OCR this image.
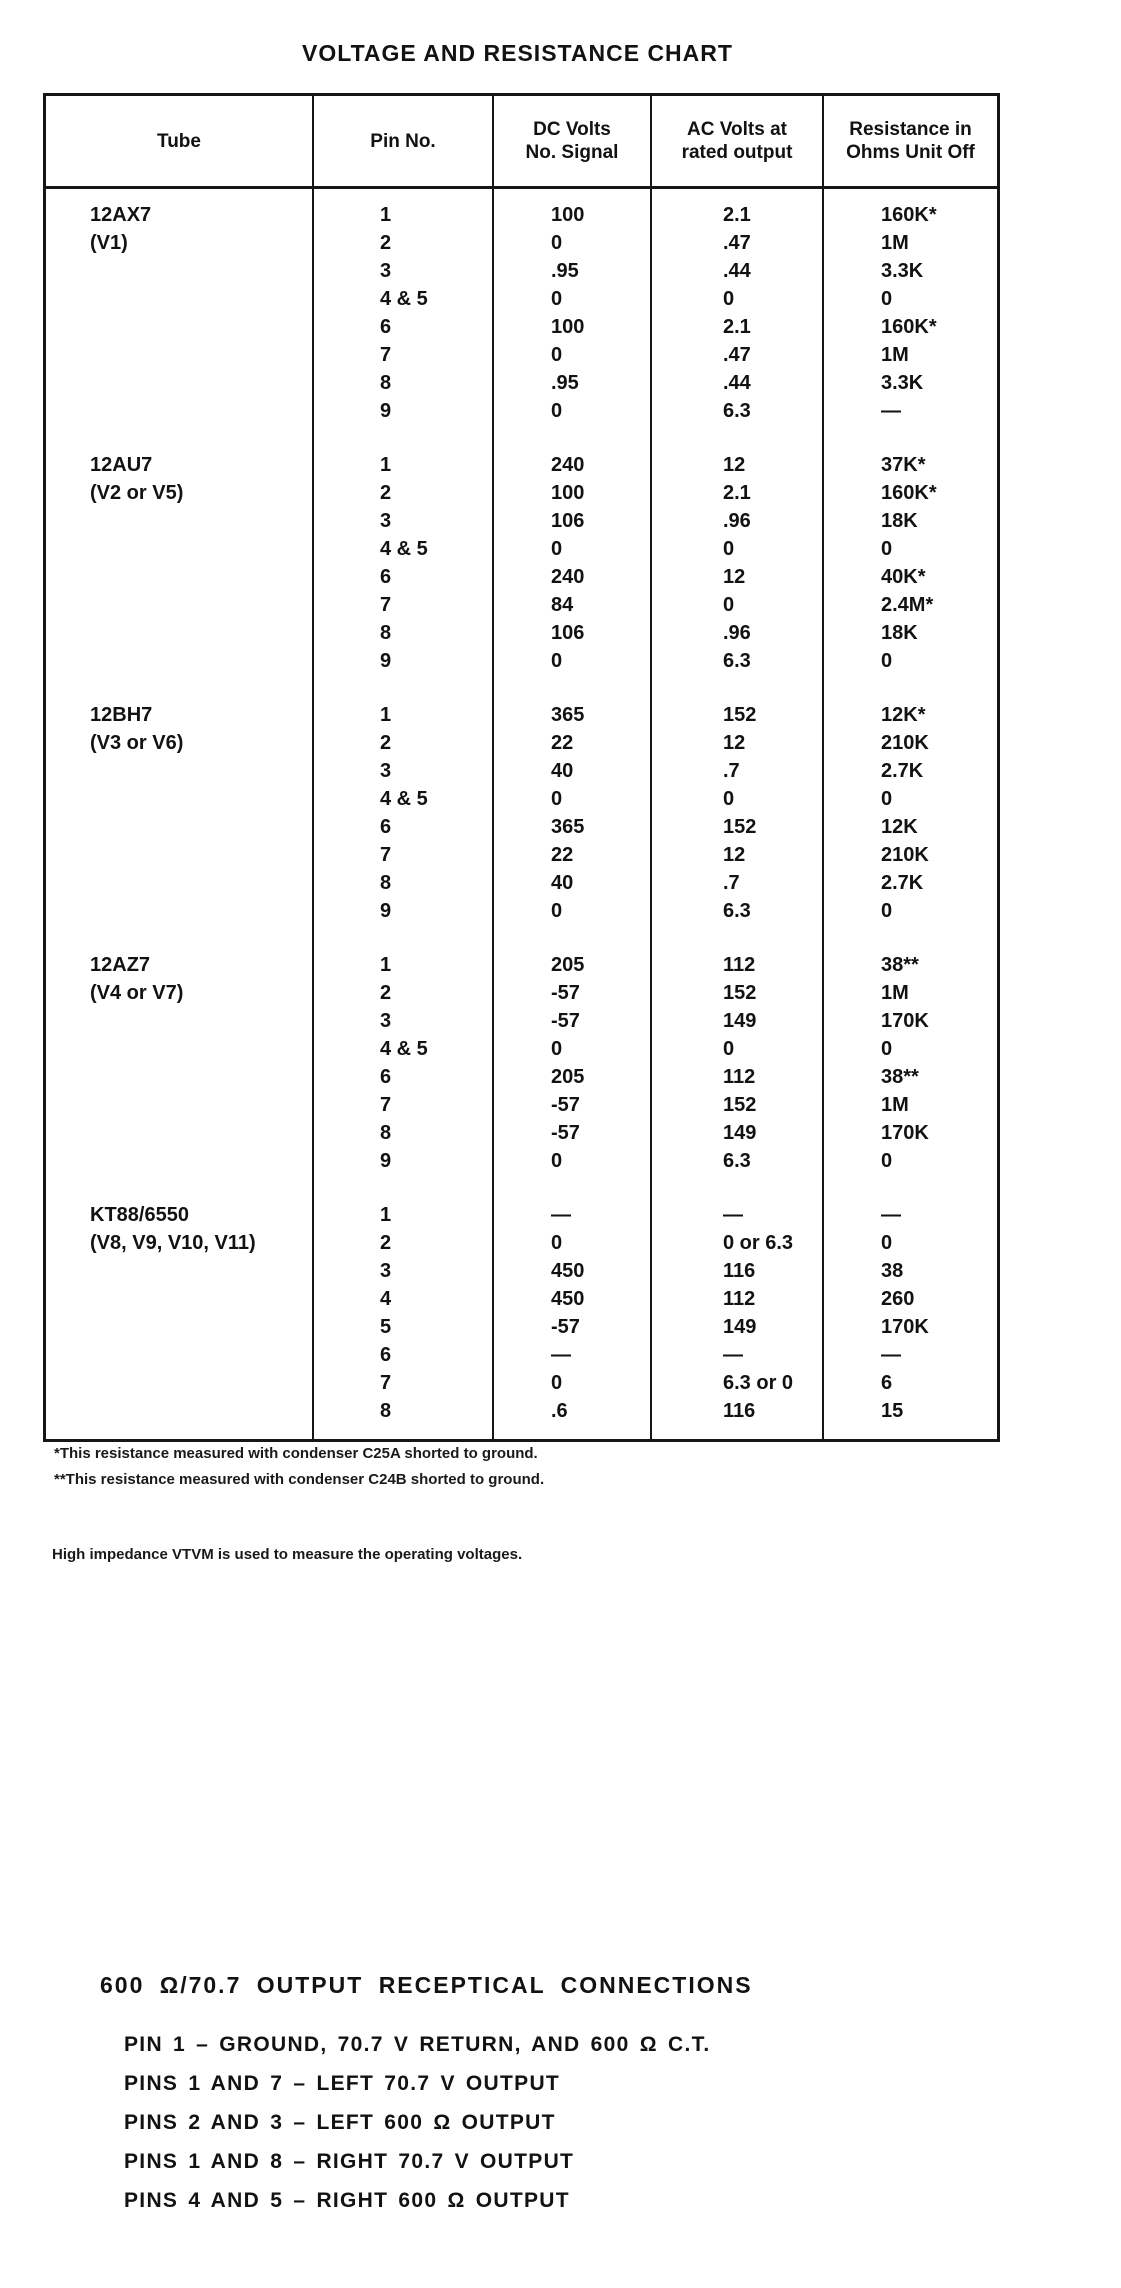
VOLTAGE AND RESISTANCE CHART
Tube	Pin No.
DC Volts
No. Signal
AC Volts at
rated output
Resistance in
Ohms Unit Off
12AX7
(V1)
1
2
3
4 & 5
6
7
8
9
100
0
.95
0
100
0
.95
0
2.1
.47
.44
0
2.1
.47
.44
6.3
160K*
1M
3.3K
0
160K*
1M
3.3K
—
12AU7
(V2 or V5)
1
2
3
4 & 5
6
7
8
9
240
100
106
0
240
84
106
0
12
2.1
.96
0
12
0
.96
6.3
37K*
160K*
18K
0
40K*
2.4M*
18K
0
12BH7
(V3 or V6)
1
2
3
4 & 5
6
7
8
9
365
22
40
0
365
22
40
0
152
12
.7
0
152
12
.7
6.3
12K*
210K
2.7K
0
12K
210K
2.7K
0
12AZ7
(V4 or V7)
1
2
3
4 & 5
6
7
8
9
205
-57
-57
0
205
-57
-57
0
112
152
149
0
112
152
149
6.3
38**
1M
170K
0
38**
1M
170K
0
KT88/6550
(V8, V9, V10, V11)
1
2
3
4
5
6
7
8
—
0
450
450
-57
—
0
.6
—
0 or 6.3
116
112
149
—
6.3 or 0
116
—
0
38
260
170K
—
6
15
*This resistance measured with condenser C25A shorted to ground.
**This resistance measured with condenser C24B shorted to ground.
High impedance VTVM is used to measure the operating voltages.
600 Ω/70.7 OUTPUT RECEPTICAL CONNECTIONS
PIN 1 – GROUND, 70.7 V RETURN, AND 600 Ω C.T.
PINS 1 AND 7 – LEFT 70.7 V OUTPUT
PINS 2 AND 3 – LEFT 600 Ω OUTPUT
PINS 1 AND 8 – RIGHT 70.7 V OUTPUT
PINS 4 AND 5 – RIGHT 600 Ω OUTPUT
